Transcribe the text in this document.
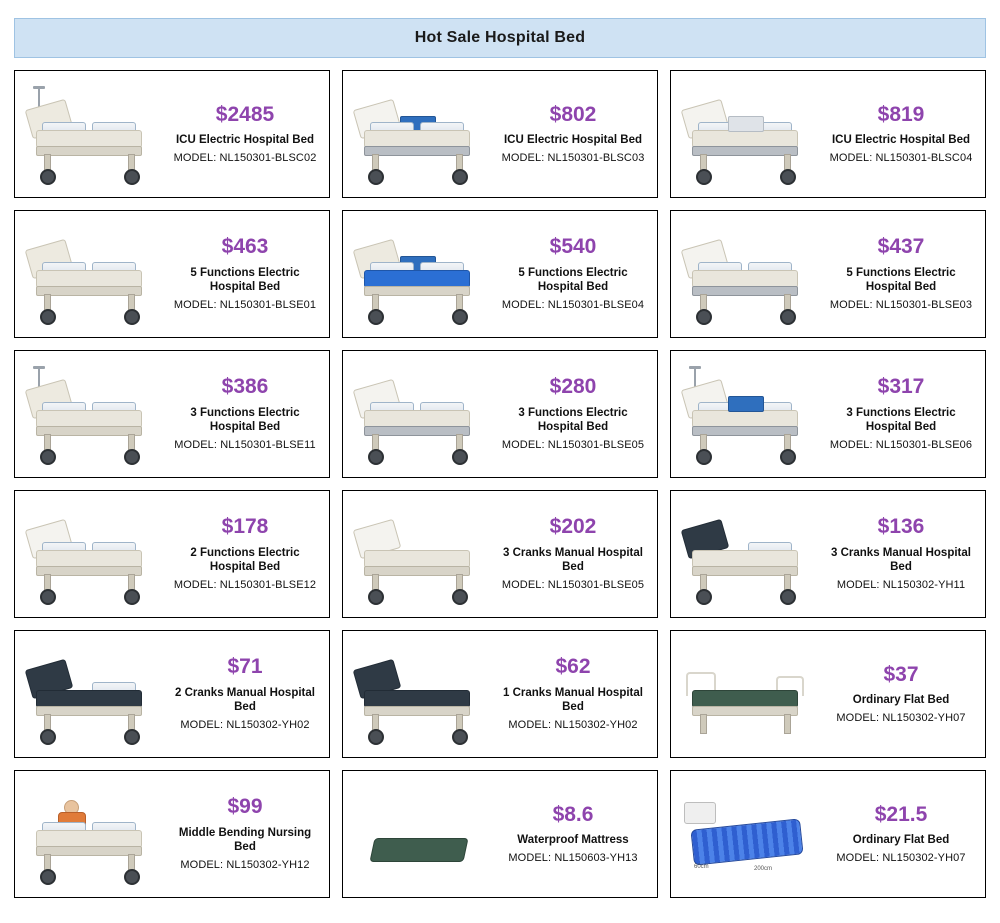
Hot Sale Hospital Bed
$2485
ICU Electric Hospital Bed
MODEL: NL150301-BLSC02
$802
ICU Electric Hospital Bed
MODEL: NL150301-BLSC03
$819
ICU Electric Hospital Bed
MODEL: NL150301-BLSC04
$463
5 Functions Electric Hospital Bed
MODEL: NL150301-BLSE01
$540
5 Functions Electric Hospital Bed
MODEL: NL150301-BLSE04
$437
5 Functions Electric Hospital Bed
MODEL: NL150301-BLSE03
$386
3 Functions Electric Hospital Bed
MODEL: NL150301-BLSE11
$280
3 Functions Electric Hospital Bed
MODEL: NL150301-BLSE05
$317
3 Functions Electric Hospital Bed
MODEL: NL150301-BLSE06
$178
2 Functions Electric Hospital Bed
MODEL: NL150301-BLSE12
$202
3 Cranks Manual Hospital Bed
MODEL: NL150301-BLSE05
$136
3 Cranks Manual Hospital Bed
MODEL: NL150302-YH11
$71
2 Cranks Manual Hospital Bed
MODEL: NL150302-YH02
$62
1 Cranks Manual Hospital Bed
MODEL: NL150302-YH02
$37
Ordinary Flat Bed
MODEL: NL150302-YH07
$99
Middle Bending Nursing Bed
MODEL: NL150302-YH12
$8.6
Waterproof Mattress
MODEL: NL150603-YH13
60cm	200cm
$21.5
Ordinary Flat Bed
MODEL: NL150302-YH07
